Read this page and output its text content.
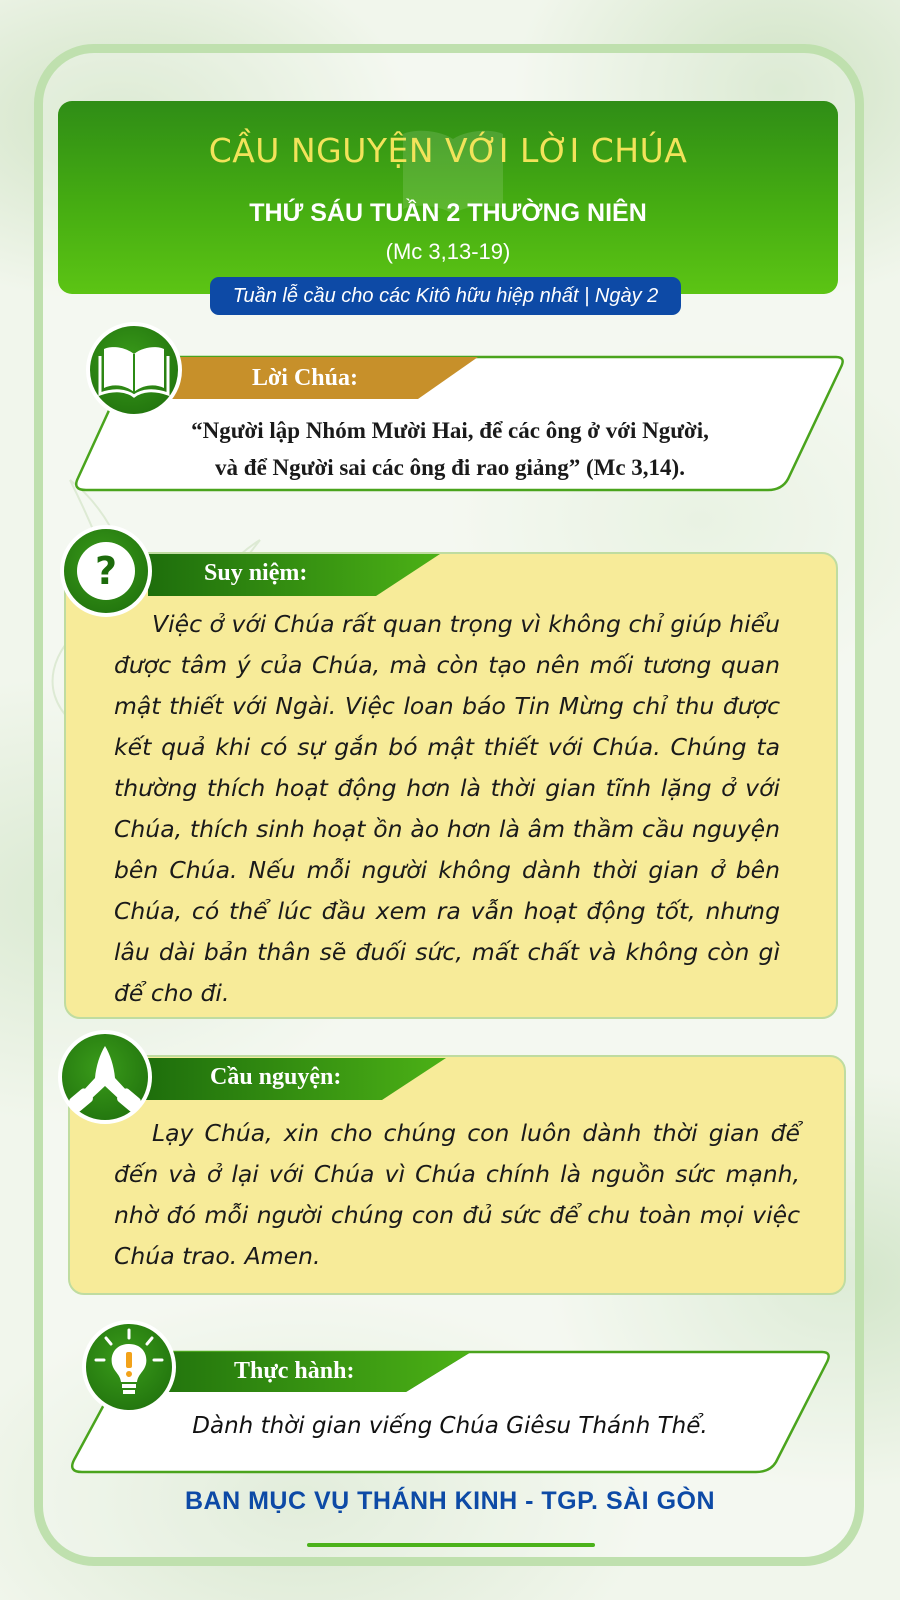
CẦU NGUYỆN VỚI LỜI CHÚA
THỨ SÁU TUẦN 2 THƯỜNG NIÊN
(Mc 3,13-19)
Tuần lễ cầu cho các Kitô hữu hiệp nhất | Ngày 2
Lời Chúa:
“Người lập Nhóm Mười Hai, để các ông ở với Người,
và để Người sai các ông đi rao giảng” (Mc 3,14).
Suy niệm:
?

Việc ở với Chúa rất quan trọng vì không chỉ giúp hiểu được tâm ý của Chúa, mà còn tạo nên mối tương quan mật thiết với Ngài. Việc loan báo Tin Mừng chỉ thu được kết quả khi có sự gắn bó mật thiết với Chúa. Chúng ta thường thích hoạt động hơn là thời gian tĩnh lặng ở với Chúa, thích sinh hoạt ồn ào hơn là âm thầm cầu nguyện bên Chúa. Nếu mỗi người không dành thời gian ở bên Chúa, có thể lúc đầu xem ra vẫn hoạt động tốt, nhưng lâu dài bản thân sẽ đuối sức, mất chất và không còn gì để cho đi.

Cầu nguyện:

Lạy Chúa, xin cho chúng con luôn dành thời gian để đến và ở lại với Chúa vì Chúa chính là nguồn sức mạnh, nhờ đó mỗi người chúng con đủ sức để chu toàn mọi việc Chúa trao. Amen.

Thực hành:
Dành thời gian viếng Chúa Giêsu Thánh Thể.
BAN MỤC VỤ THÁNH KINH - TGP. SÀI GÒN
